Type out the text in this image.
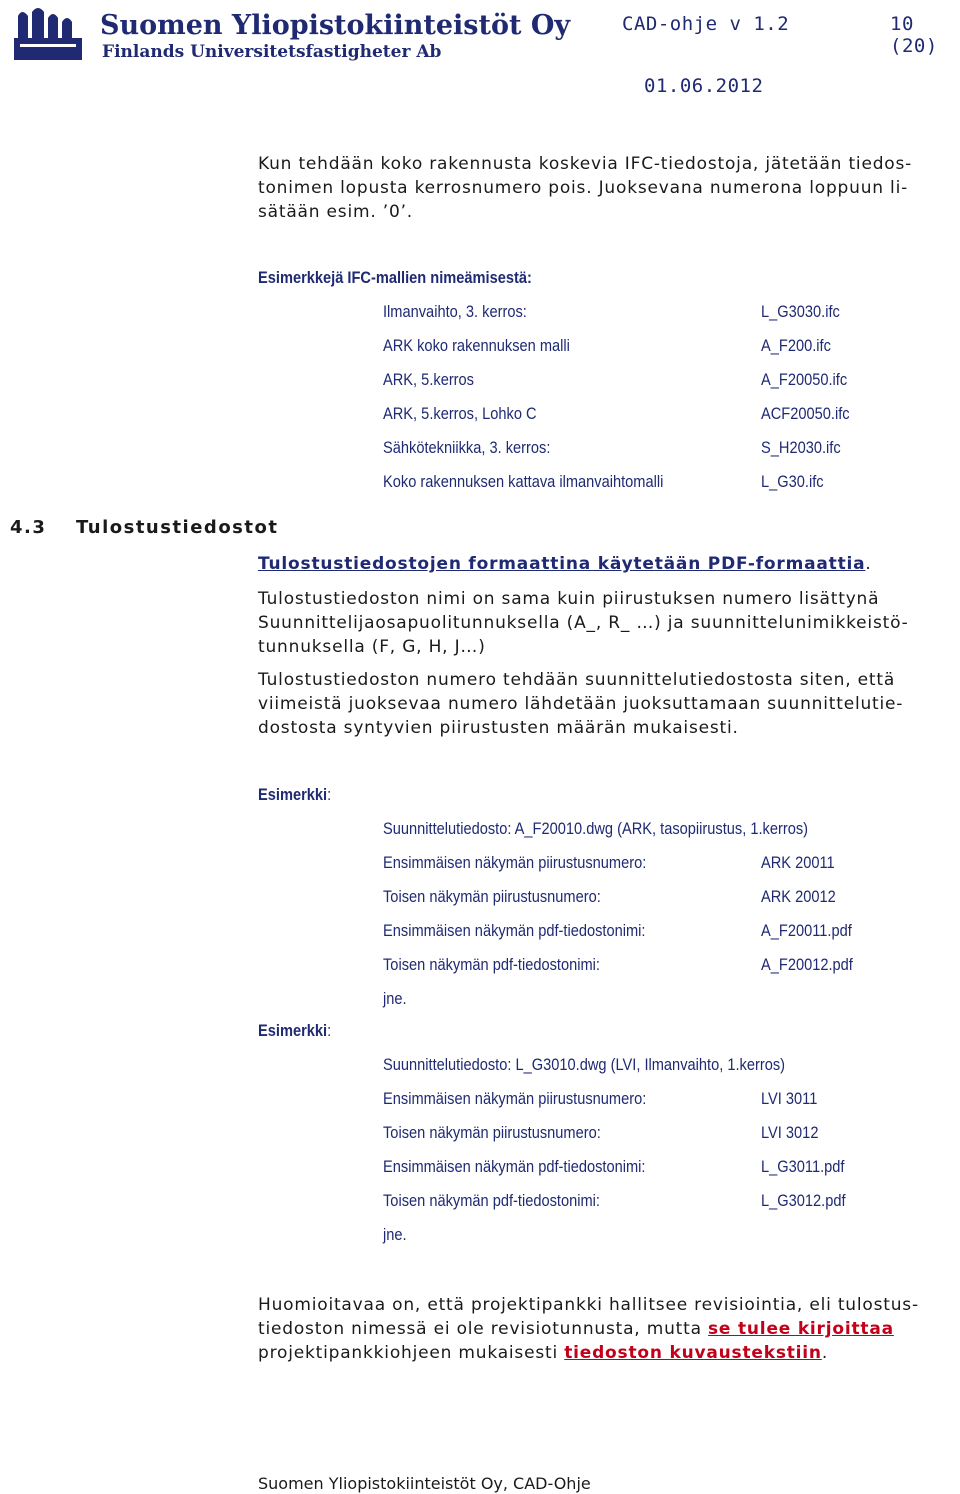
Suomen Yliopistokiinteistöt Oy
Finlands Universitetsfastigheter Ab
CAD-ohje v 1.2	10 (20)
01.06.2012
Kun tehdään koko rakennusta koskevia IFC-tiedostoja, jätetään tiedos-
tonimen lopusta kerrosnumero pois. Juoksevana numerona loppuun li-
sätään esim. ’0’.
Esimerkkejä IFC-mallien nimeämisestä:
Ilmanvaihto, 3. kerros:	L_G3030.ifc
ARK koko rakennuksen malli	A_F200.ifc
ARK, 5.kerros	A_F20050.ifc
ARK, 5.kerros, Lohko C	ACF20050.ifc
Sähkötekniikka, 3. kerros:	S_H2030.ifc
Koko rakennuksen kattava ilmanvaihtomalli	L_G30.ifc
4.3 Tulostustiedostot
Tulostustiedostojen formaattina käytetään PDF-formaattia.
Tulostustiedoston nimi on sama kuin piirustuksen numero lisättynä
Suunnittelijaosapuolitunnuksella (A_, R_ …) ja suunnittelunimikkeistö-
tunnuksella (F, G, H, J…)
Tulostustiedoston numero tehdään suunnittelutiedostosta siten, että
viimeistä juoksevaa numero lähdetään juoksuttamaan suunnittelutie-
dostosta syntyvien piirustusten määrän mukaisesti.
Esimerkki:
Suunnittelutiedosto: A_F20010.dwg (ARK, tasopiirustus, 1.kerros)
Ensimmäisen näkymän piirustusnumero:	ARK 20011
Toisen näkymän piirustusnumero:	ARK 20012
Ensimmäisen näkymän pdf-tiedostonimi:	A_F20011.pdf
Toisen näkymän pdf-tiedostonimi:	A_F20012.pdf
jne.
Esimerkki:
Suunnittelutiedosto: L_G3010.dwg (LVI, Ilmanvaihto, 1.kerros)
Ensimmäisen näkymän piirustusnumero:	LVI 3011
Toisen näkymän piirustusnumero:	LVI 3012
Ensimmäisen näkymän pdf-tiedostonimi:	L_G3011.pdf
Toisen näkymän pdf-tiedostonimi:	L_G3012.pdf
jne.
Huomioitavaa on, että projektipankki hallitsee revisiointia, eli tulostus-
tiedoston nimessä ei ole revisiotunnusta, mutta se tulee kirjoittaa
projektipankkiohjeen mukaisesti tiedoston kuvaustekstiin.
Suomen Yliopistokiinteistöt Oy, CAD-Ohje
